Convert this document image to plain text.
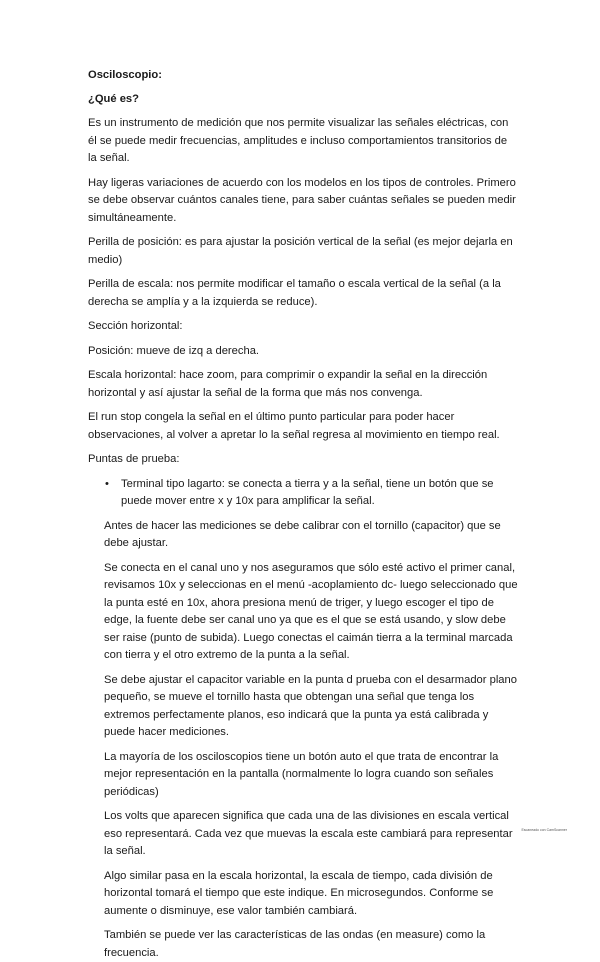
Osciloscopio:

¿Qué es?

Es un instrumento de medición que nos permite visualizar las señales eléctricas, con él se puede medir frecuencias, amplitudes e incluso comportamientos transitorios de la señal.

Hay ligeras variaciones de acuerdo con los modelos en los tipos de controles. Primero se debe observar cuántos canales tiene, para saber cuántas señales se pueden medir simultáneamente.

Perilla de posición: es para ajustar la posición vertical de la señal (es mejor dejarla en medio)

Perilla de escala: nos permite modificar el tamaño o escala vertical de la señal (a la derecha se amplía y a la izquierda se reduce).

Sección horizontal:

Posición: mueve de izq a derecha.

Escala horizontal: hace zoom, para comprimir o expandir la señal en la dirección horizontal y así ajustar la señal de la forma que más nos convenga.

El run stop congela la señal en el último punto particular para poder hacer observaciones, al volver a apretar lo la señal regresa al movimiento en tiempo real.

Puntas de prueba:

• Terminal tipo lagarto: se conecta a tierra y a la señal, tiene un botón que se puede mover entre x y 10x para amplificar la señal.

Antes de hacer las mediciones se debe calibrar con el tornillo (capacitor) que se debe ajustar.

Se conecta en el canal uno y nos aseguramos que sólo esté activo el primer canal, revisamos 10x y seleccionas en el menú -acoplamiento dc- luego seleccionado que la punta esté en 10x, ahora presiona menú de triger, y luego escoger el tipo de edge, la fuente debe ser canal uno ya que es el que se está usando, y slow debe ser raise (punto de subida). Luego conectas el caimán tierra a la terminal marcada con tierra y el otro extremo de la punta a la señal.

Se debe ajustar el capacitor variable en la punta d prueba con el desarmador plano pequeño, se mueve el tornillo hasta que obtengan una señal que tenga los extremos perfectamente planos, eso indicará que la punta ya está calibrada y puede hacer mediciones.

La mayoría de los osciloscopios tiene un botón auto el que trata de encontrar la mejor representación en la pantalla (normalmente lo logra cuando son señales periódicas)

Los volts que aparecen significa que cada una de las divisiones en escala vertical eso representará. Cada vez que muevas la escala este cambiará para representar la señal.

Algo similar pasa en la escala horizontal, la escala de tiempo, cada división de horizontal tomará el tiempo que este indique. En microsegundos. Conforme se aumente o disminuye, ese valor también cambiará.

También se puede ver las características de las ondas (en measure) como la frecuencia.

Escaneado con CamScanner
